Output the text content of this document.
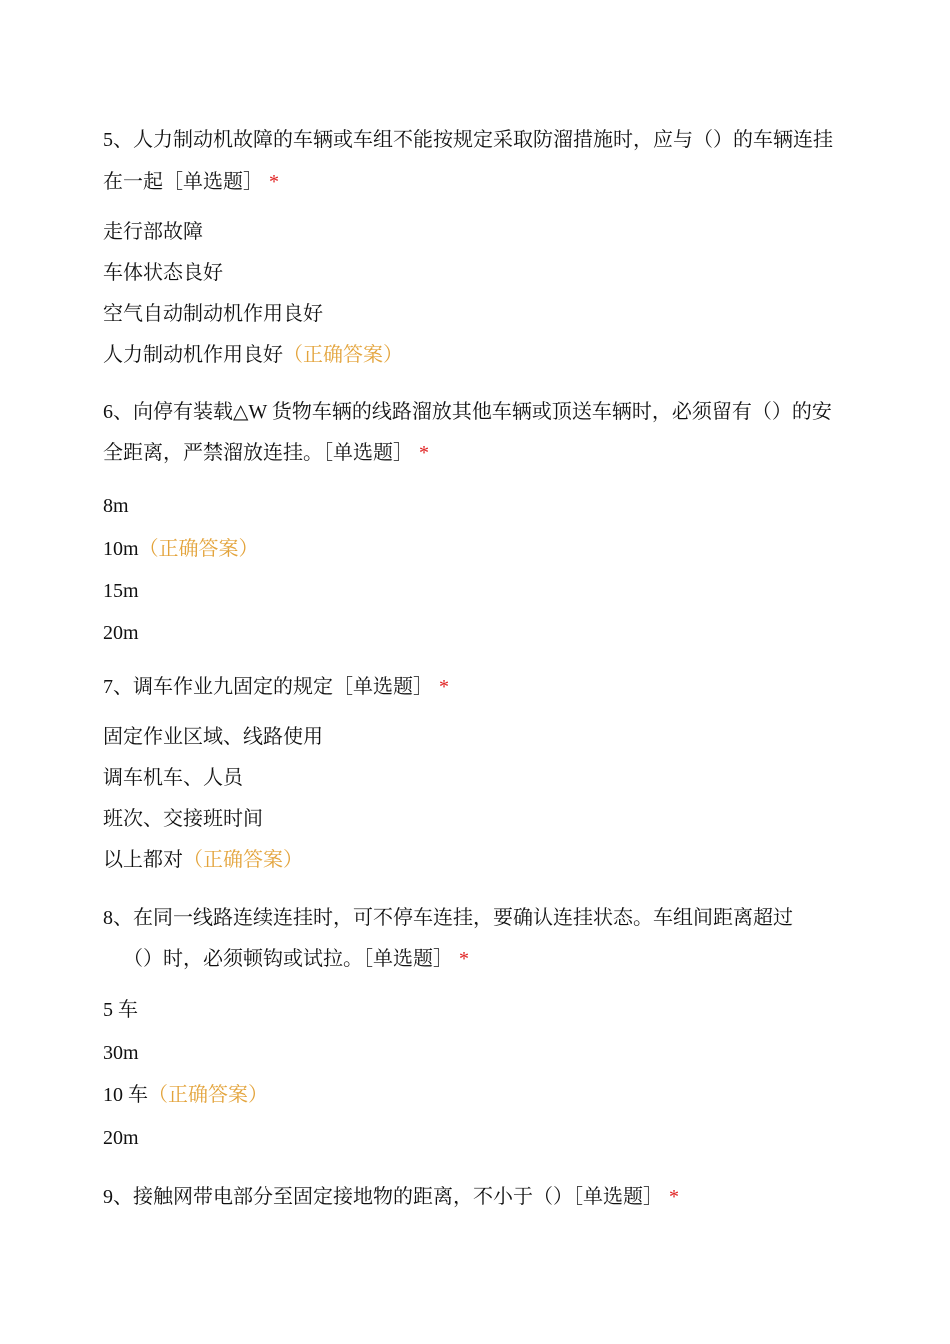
5、人力制动机故障的车辆或车组不能按规定采取防溜措施时，应与（）的车辆连挂
在一起［单选题］ *
走行部故障
车体状态良好
空气自动制动机作用良好
人力制动机作用良好（正确答案）
6、向停有装载△W 货物车辆的线路溜放其他车辆或顶送车辆时，必须留有（）的安
全距离，严禁溜放连挂。［单选题］ *
8m
10m（正确答案）
15m
20m
7、调车作业九固定的规定［单选题］ *
固定作业区域、线路使用
调车机车、人员
班次、交接班时间
以上都对（正确答案）
8、在同一线路连续连挂时，可不停车连挂，要确认连挂状态。车组间距离超过
（）时，必须顿钩或试拉。［单选题］ *
5 车
30m
10 车（正确答案）
20m
9、接触网带电部分至固定接地物的距离，不小于（）［单选题］ *
